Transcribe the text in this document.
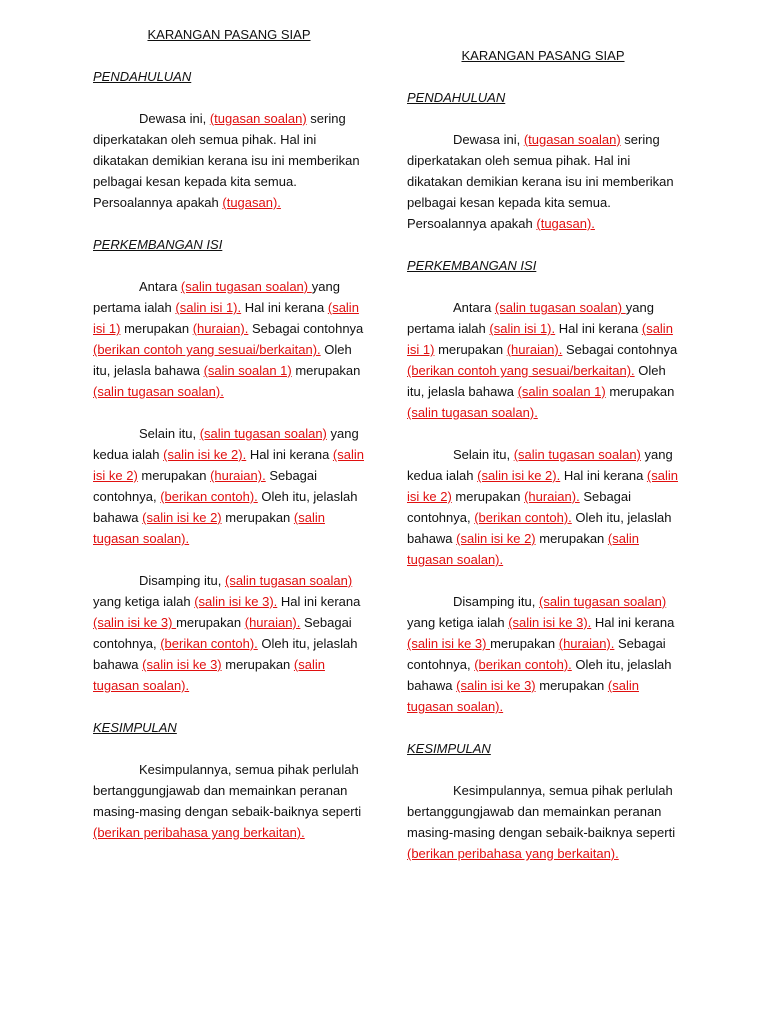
KARANGAN PASANG SIAP
PENDAHULUAN
Dewasa ini, (tugasan soalan) sering diperkatakan oleh semua pihak. Hal ini dikatakan demikian kerana isu ini memberikan pelbagai kesan kepada kita semua. Persoalannya apakah (tugasan).
PERKEMBANGAN ISI
Antara (salin tugasan soalan) yang pertama ialah (salin isi 1). Hal ini kerana (salin isi 1) merupakan (huraian). Sebagai contohnya (berikan contoh yang sesuai/berkaitan). Oleh itu, jelasla bahawa (salin soalan 1) merupakan (salin tugasan soalan).
Selain itu, (salin tugasan soalan) yang kedua ialah (salin isi ke 2). Hal ini kerana (salin isi ke 2) merupakan (huraian). Sebagai contohnya, (berikan contoh). Oleh itu, jelaslah bahawa (salin isi ke 2) merupakan (salin tugasan soalan).
Disamping itu, (salin tugasan soalan) yang ketiga ialah (salin isi ke 3). Hal ini kerana (salin isi ke 3) merupakan (huraian). Sebagai contohnya, (berikan contoh). Oleh itu, jelaslah bahawa (salin isi ke 3) merupakan (salin tugasan soalan).
KESIMPULAN
Kesimpulannya, semua pihak perlulah bertanggungjawab dan memainkan peranan masing-masing dengan sebaik-baiknya seperti (berikan peribahasa yang berkaitan).
KARANGAN PASANG SIAP
PENDAHULUAN
Dewasa ini, (tugasan soalan) sering diperkatakan oleh semua pihak. Hal ini dikatakan demikian kerana isu ini memberikan pelbagai kesan kepada kita semua. Persoalannya apakah (tugasan).
PERKEMBANGAN ISI
Antara (salin tugasan soalan) yang pertama ialah (salin isi 1). Hal ini kerana (salin isi 1) merupakan (huraian). Sebagai contohnya (berikan contoh yang sesuai/berkaitan). Oleh itu, jelasla bahawa (salin soalan 1) merupakan (salin tugasan soalan).
Selain itu, (salin tugasan soalan) yang kedua ialah (salin isi ke 2). Hal ini kerana (salin isi ke 2) merupakan (huraian). Sebagai contohnya, (berikan contoh). Oleh itu, jelaslah bahawa (salin isi ke 2) merupakan (salin tugasan soalan).
Disamping itu, (salin tugasan soalan) yang ketiga ialah (salin isi ke 3). Hal ini kerana (salin isi ke 3) merupakan (huraian). Sebagai contohnya, (berikan contoh). Oleh itu, jelaslah bahawa (salin isi ke 3) merupakan (salin tugasan soalan).
KESIMPULAN
Kesimpulannya, semua pihak perlulah bertanggungjawab dan memainkan peranan masing-masing dengan sebaik-baiknya seperti (berikan peribahasa yang berkaitan).
